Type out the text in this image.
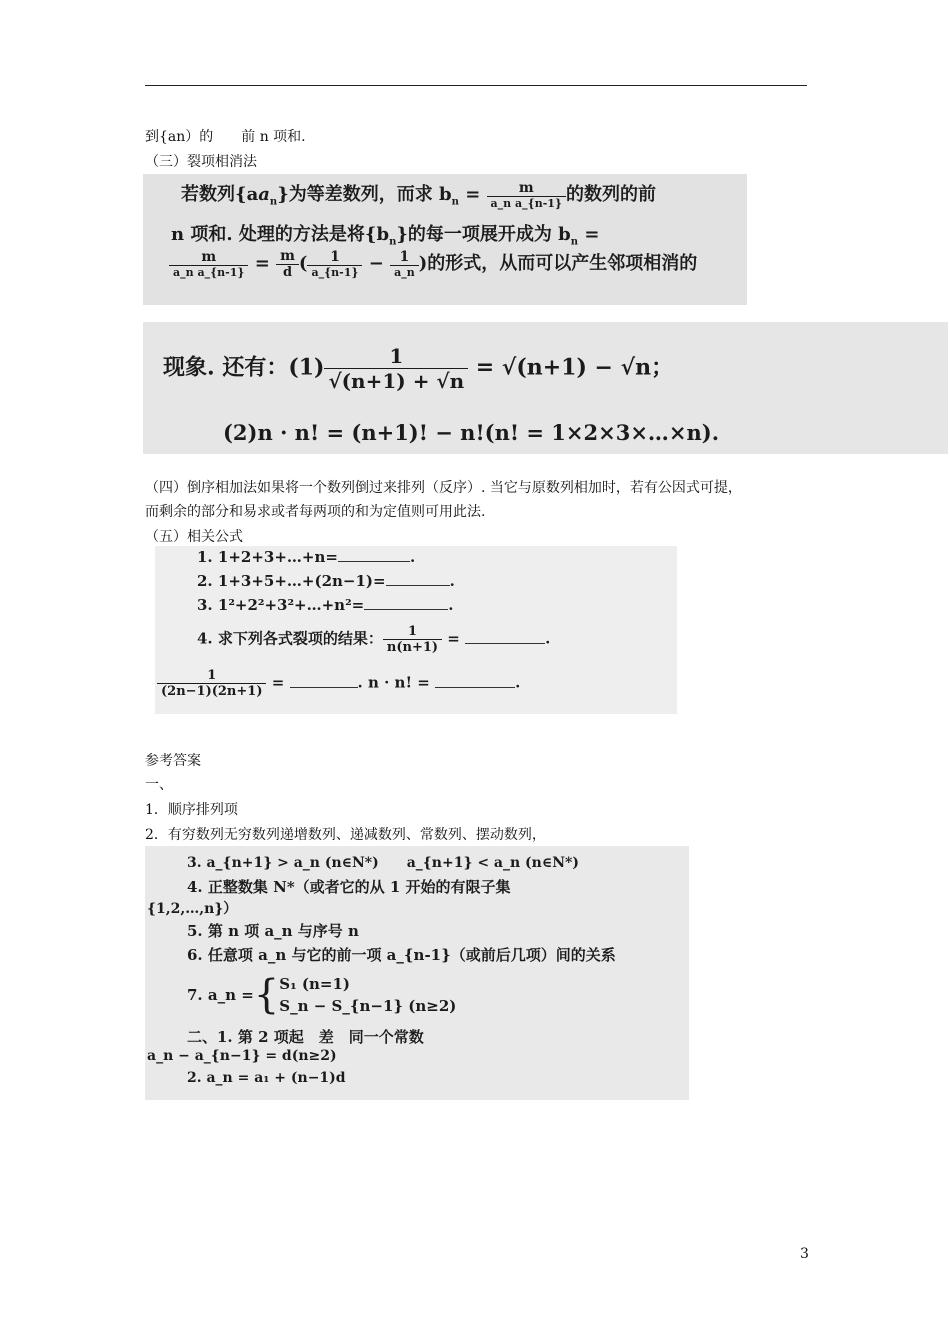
到{an）的　　前 n 项和.
（三）裂项相消法
若数列$\{aa_n\}$为等差数列，而求 $b_n = \frac{m}{\text{a\_n a\_\{n-1\}}}$ 的数列的前
n 项和. 处理的方法是将$\{b_n\}$的每一项展开成为 $b_n$ =
$\frac{m}{\text{a\_n a\_\{n-1\}}} = \frac{m}{d}$ ( $\frac{1}{a\_\{n-1\}} - \frac{1}{a\_n}$ )的形式，从而可以产生邻项相消的
现象. 还有：$(1) \frac{1}{√(n+1) + √n} = √(n+1) - √n$；
(2)n · n! = (n+1)! − n!(n! = 1×2×3×…×n).
（四）倒序相加法如果将一个数列倒过来排列（反序）. 当它与原数列相加时，若有公因式可提，
而剩余的部分和易求或者每两项的和为定值则可用此法.
（五）相关公式
1. 1+2+3+…+n=	.
2. 1+3+5+…+(2n−1)=	.
3. 1²+2²+3²+…+n²=	.
4. 求下列各式裂项的结果： $\frac{1}{n(n+1)}$ =	.
$\frac{1}{(2n-1)(2n+1)}$ =	. n · n! =	.
参考答案
一、
1．顺序排列项
2．有穷数列无穷数列递增数列、递减数列、常数列、摆动数列，
3. a_{n+1} > a_n (n∈N*)　　a_{n+1} < a_n (n∈N*)
4. 正整数集 N*（或者它的从 1 开始的有限子集
{1,2,…,n}）
5. 第 n 项 a_n 与序号 n
6. 任意项 a_n 与它的前一项 a_{n-1}（或前后几项）间的关系
7. a_n ={ S₁ (n=1)
S_n − S_{n−1} (n≥2)
二、1. 第 2 项起　差　同一个常数
a_n − a_{n−1} = d(n≥2)
2. a_n = a₁ + (n−1)d
3
